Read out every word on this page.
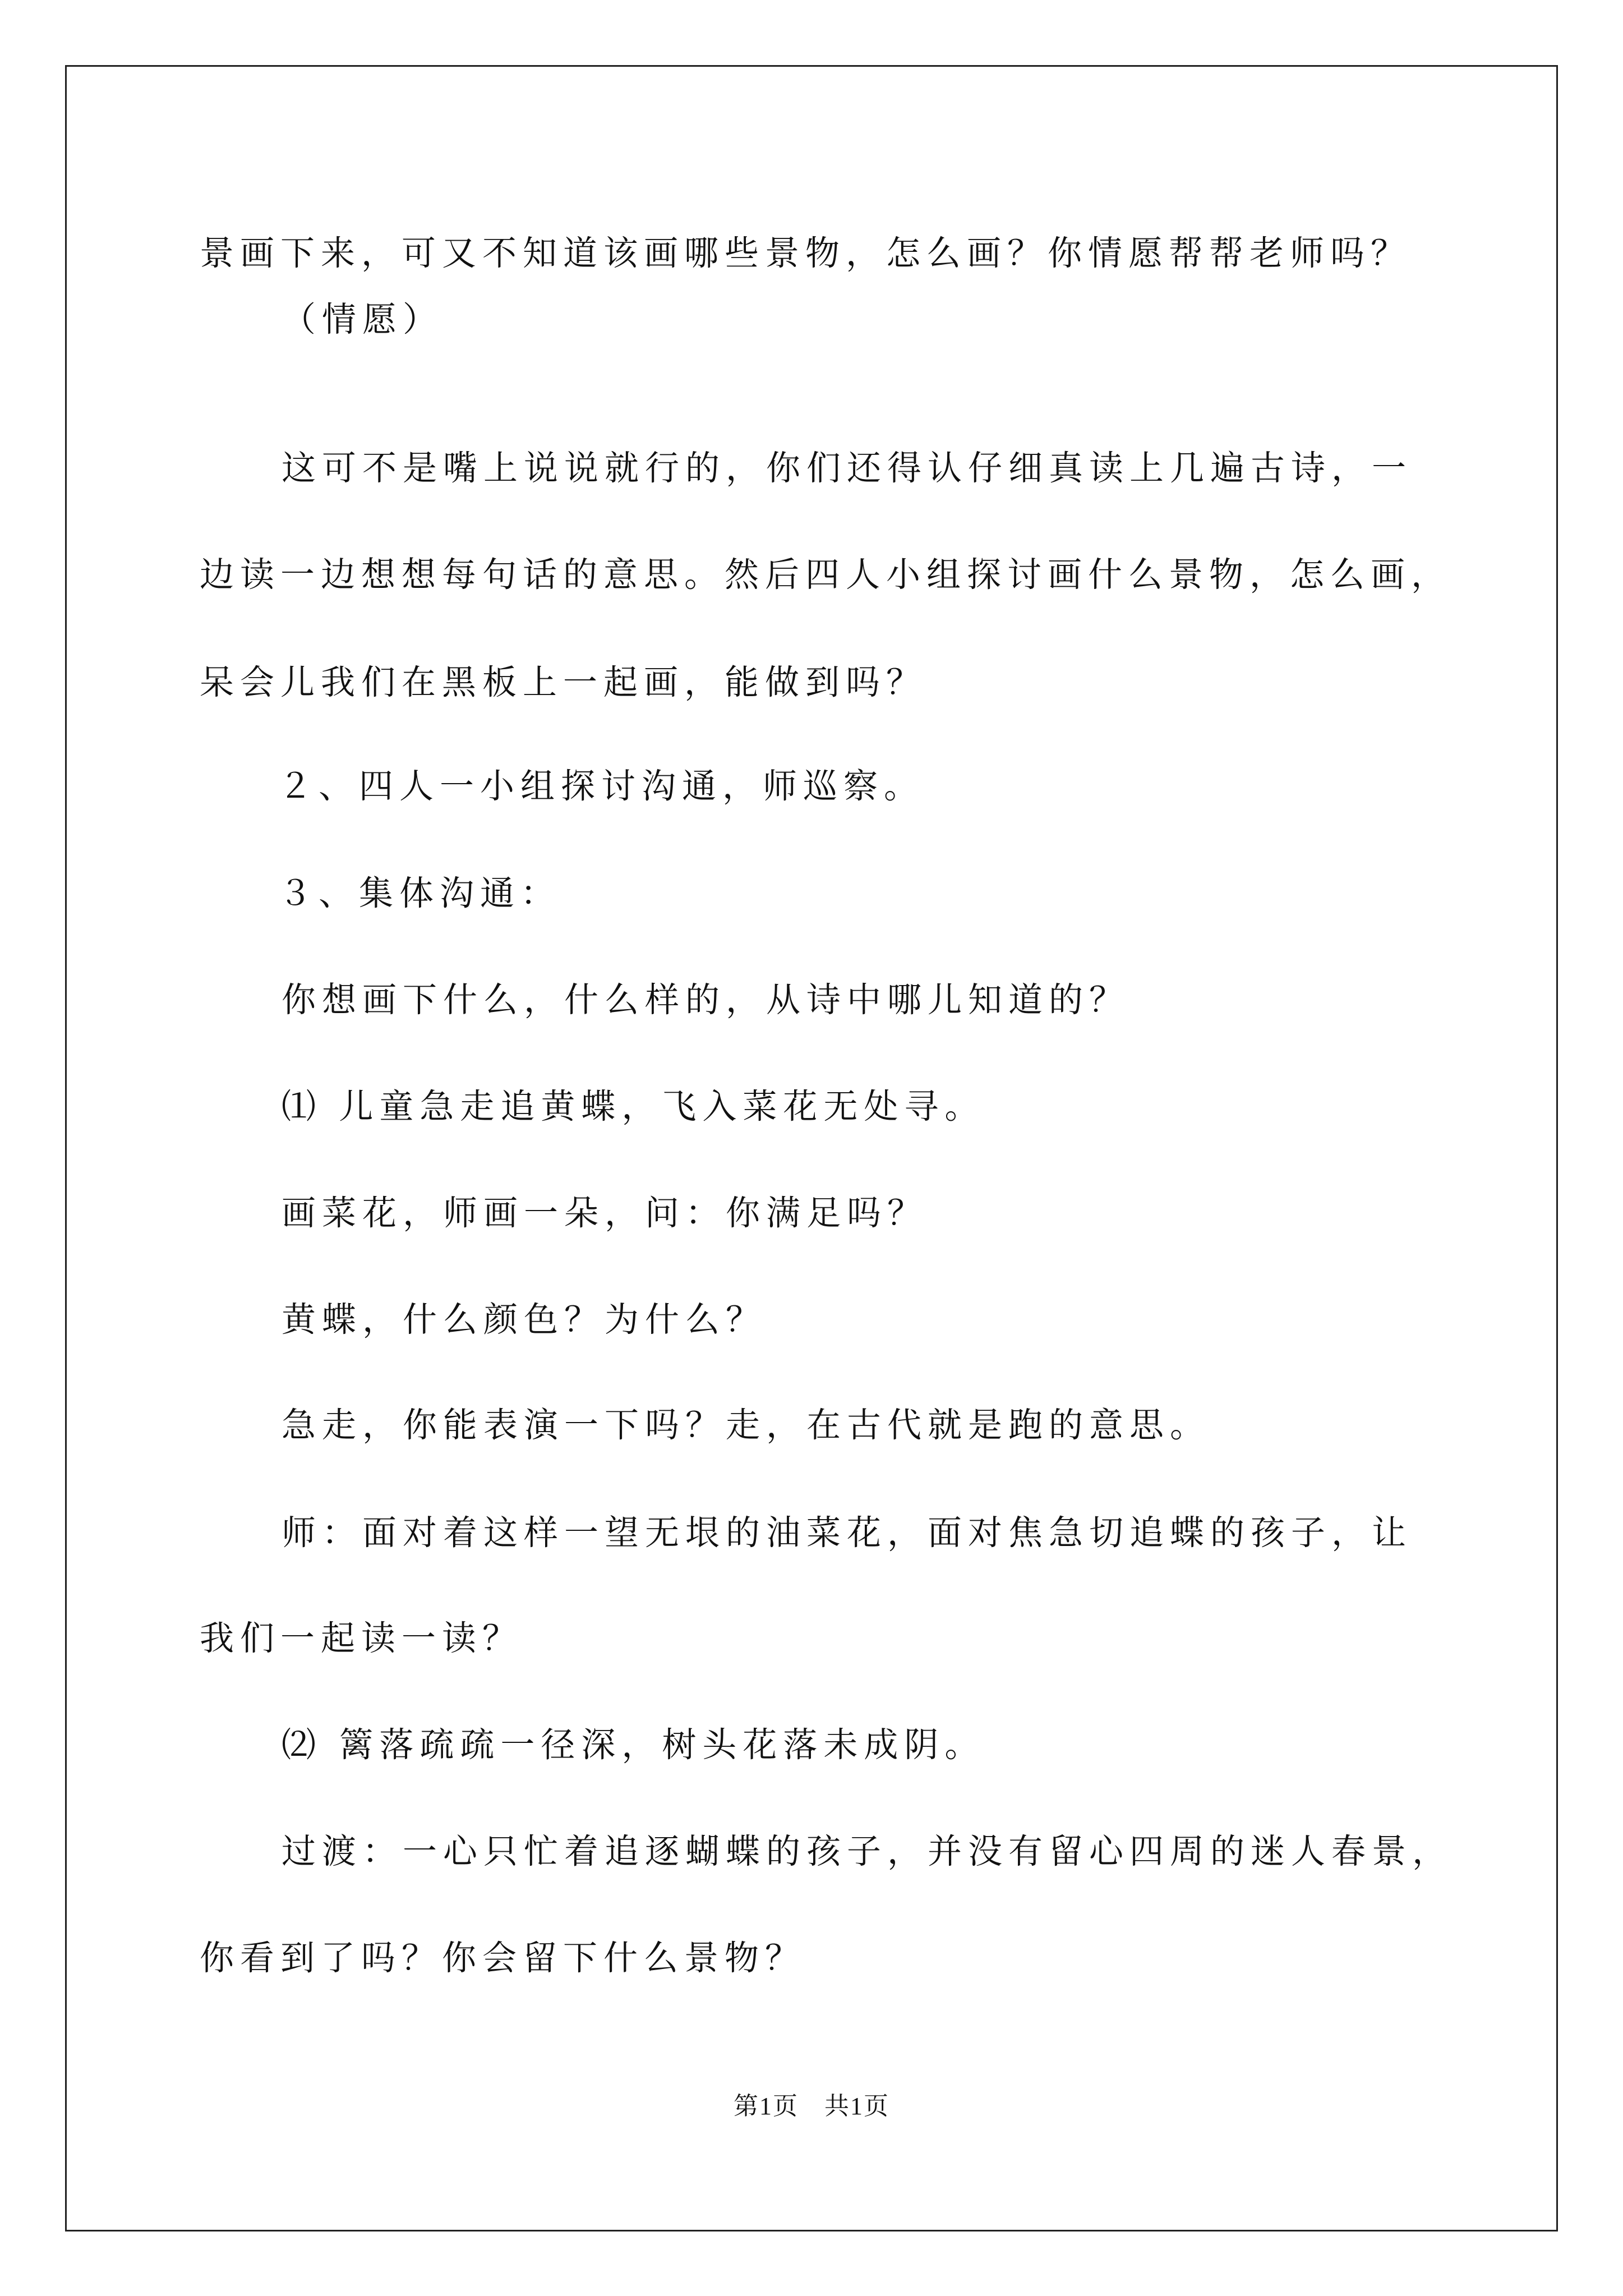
景画下来，可又不知道该画哪些景物，怎么画？你情愿帮帮老师吗？
（情愿）
这可不是嘴上说说就行的，你们还得认仔细真读上几遍古诗，一
边读一边想想每句话的意思。然后四人小组探讨画什么景物，怎么画，
呆会儿我们在黑板上一起画，能做到吗？
２、四人一小组探讨沟通，师巡察。
３、集体沟通：
你想画下什么，什么样的，从诗中哪儿知道的？
⑴ 儿童急走追黄蝶，飞入菜花无处寻。
画菜花，师画一朵，问：你满足吗？
黄蝶，什么颜色？为什么？
急走，你能表演一下吗？走，在古代就是跑的意思。
师：面对着这样一望无垠的油菜花，面对焦急切追蝶的孩子，让
我们一起读一读？
⑵ 篱落疏疏一径深，树头花落未成阴。
过渡：一心只忙着追逐蝴蝶的孩子，并没有留心四周的迷人春景，
你看到了吗？你会留下什么景物？
第1页 共1页
